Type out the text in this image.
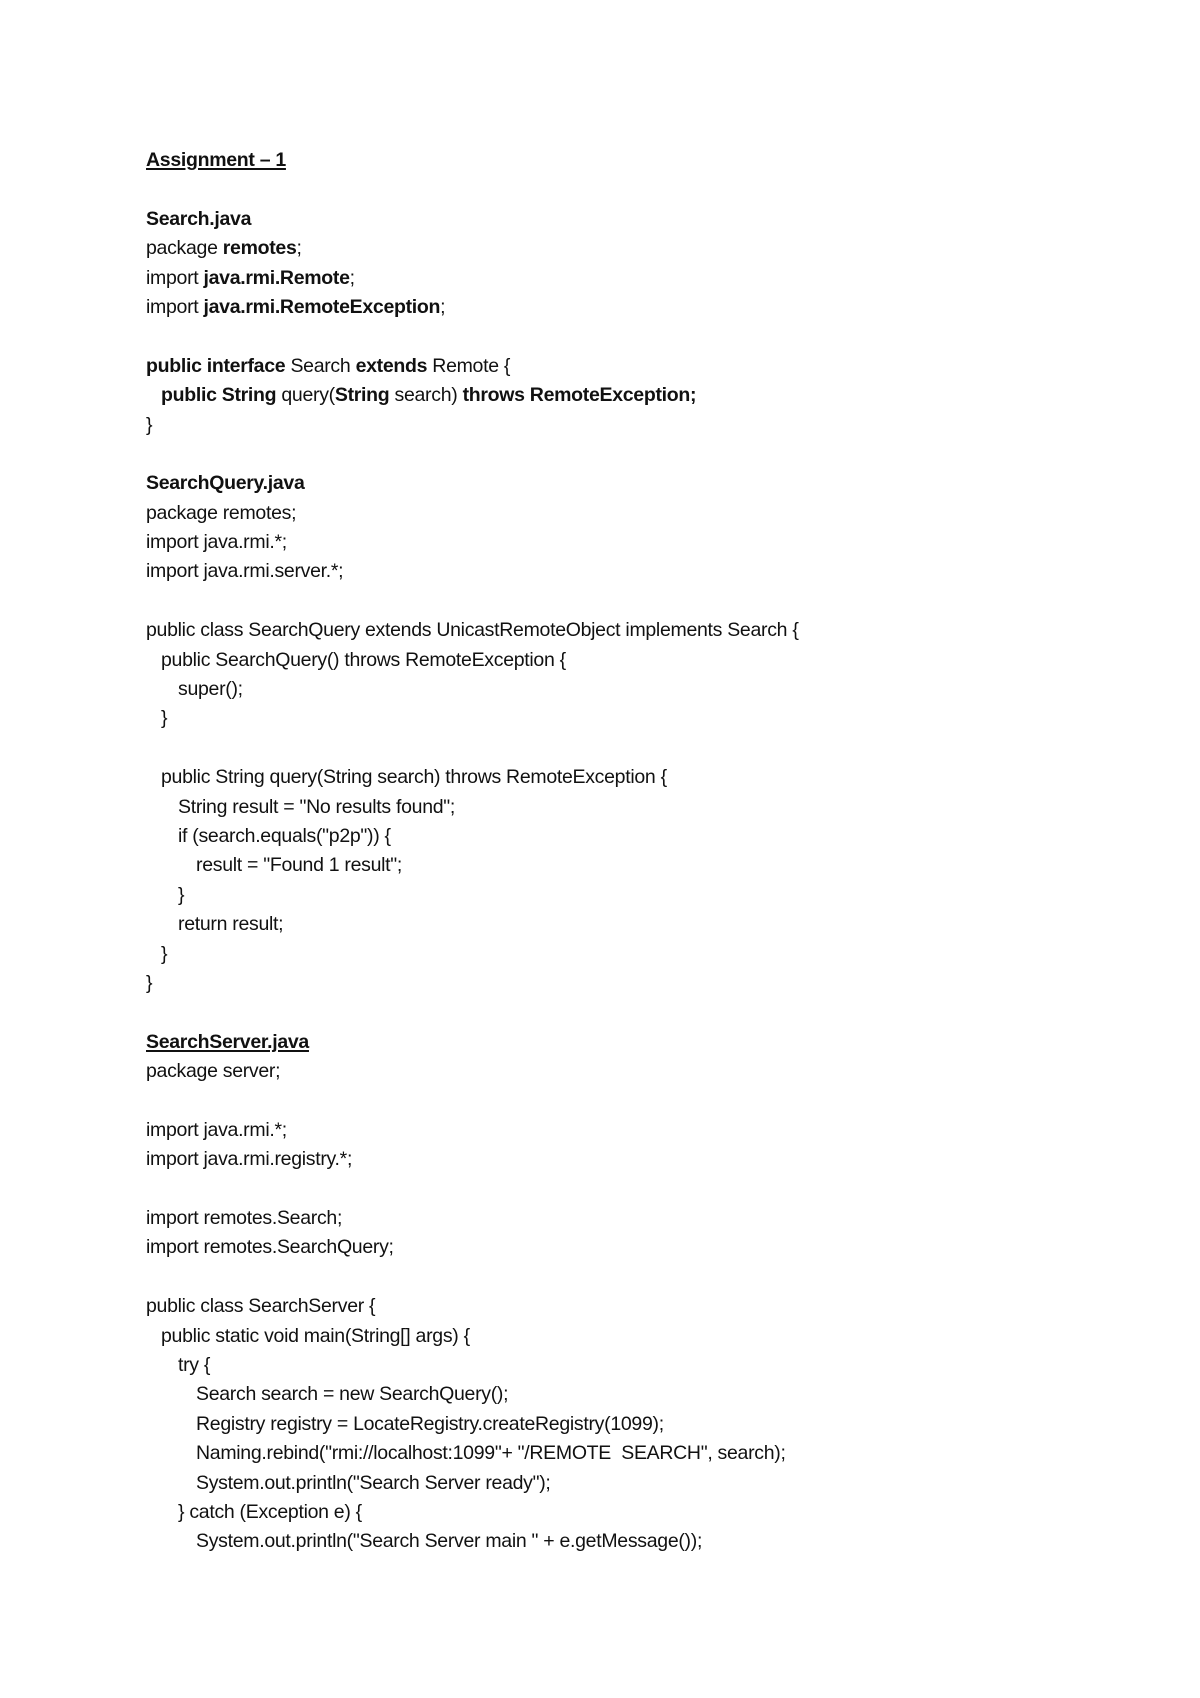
Assignment – 1
Search.java
package remotes;
import java.rmi.Remote;
import java.rmi.RemoteException;
public interface Search extends Remote {
public String query(String search) throws RemoteException;
}
SearchQuery.java
package remotes;
import java.rmi.*;
import java.rmi.server.*;
public class SearchQuery extends UnicastRemoteObject implements Search {
public SearchQuery() throws RemoteException {
super();
}
public String query(String search) throws RemoteException {
String result = "No results found";
if (search.equals("p2p")) {
result = "Found 1 result";
}
return result;
}
}
SearchServer.java
package server;
import java.rmi.*;
import java.rmi.registry.*;
import remotes.Search;
import remotes.SearchQuery;
public class SearchServer {
public static void main(String[] args) {
try {
Search search = new SearchQuery();
Registry registry = LocateRegistry.createRegistry(1099);
Naming.rebind("rmi://localhost:1099"+ "/REMOTE  SEARCH", search);
System.out.println("Search Server ready");
} catch (Exception e) {
System.out.println("Search Server main " + e.getMessage());
